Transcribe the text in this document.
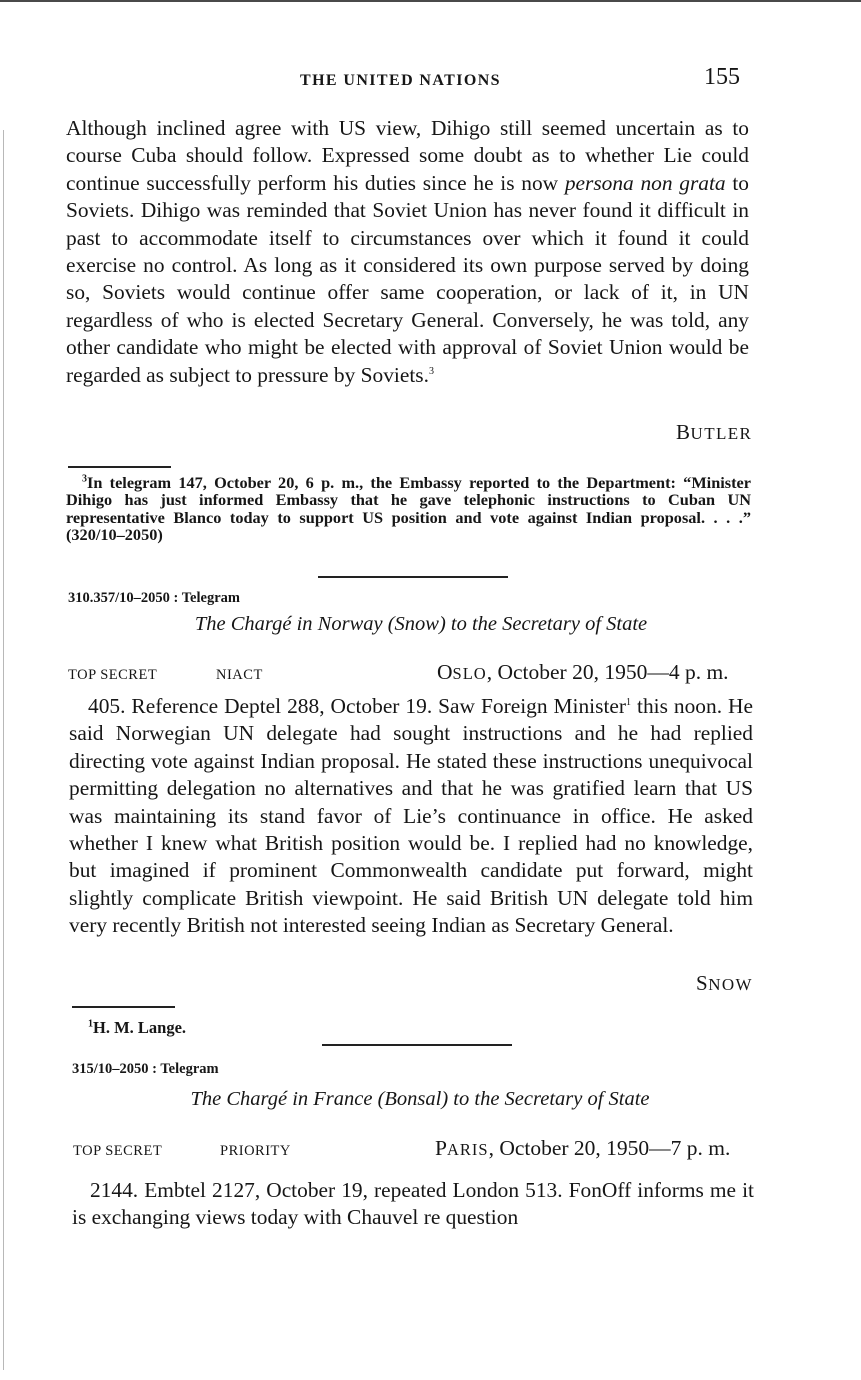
THE UNITED NATIONS	155

Although inclined agree with US view, Dihigo still seemed uncertain as to course Cuba should follow. Expressed some doubt as to whether Lie could continue successfully perform his duties since he is now persona non grata to Soviets. Dihigo was reminded that Soviet Union has never found it difficult in past to accommodate itself to circumstances over which it found it could exercise no control. As long as it considered its own purpose served by doing so, Soviets would continue offer same cooperation, or lack of it, in UN regardless of who is elected Secretary General. Conversely, he was told, any other candidate who might be elected with approval of Soviet Union would be regarded as subject to pressure by Soviets.$^3$

BUTLER

$^3$In telegram 147, October 20, 6 p. m., the Embassy reported to the Department: “Minister Dihigo has just informed Embassy that he gave telephonic instructions to Cuban UN representative Blanco today to support US position and vote against Indian proposal. . . .” (320/10–2050)

310.357/10–2050 : Telegram
The Chargé in Norway (Snow) to the Secretary of State
TOP SECRET	NIACT	OSLO, October 20, 1950—4 p. m.

405. Reference Deptel 288, October 19. Saw Foreign Minister$^1$ this noon. He said Norwegian UN delegate had sought instructions and he had replied directing vote against Indian proposal. He stated these instructions unequivocal permitting delegation no alternatives and that he was gratified learn that US was maintaining its stand favor of Lie’s continuance in office. He asked whether I knew what British position would be. I replied had no knowledge, but imagined if prominent Commonwealth candidate put forward, might slightly complicate British viewpoint. He said British UN delegate told him very recently British not interested seeing Indian as Secretary General.

SNOW
$^1$H. M. Lange.
315/10–2050 : Telegram
The Chargé in France (Bonsal) to the Secretary of State
TOP SECRET	PRIORITY	PARIS, October 20, 1950—7 p. m.

2144. Embtel 2127, October 19, repeated London 513. FonOff informs me it is exchanging views today with Chauvel re question
